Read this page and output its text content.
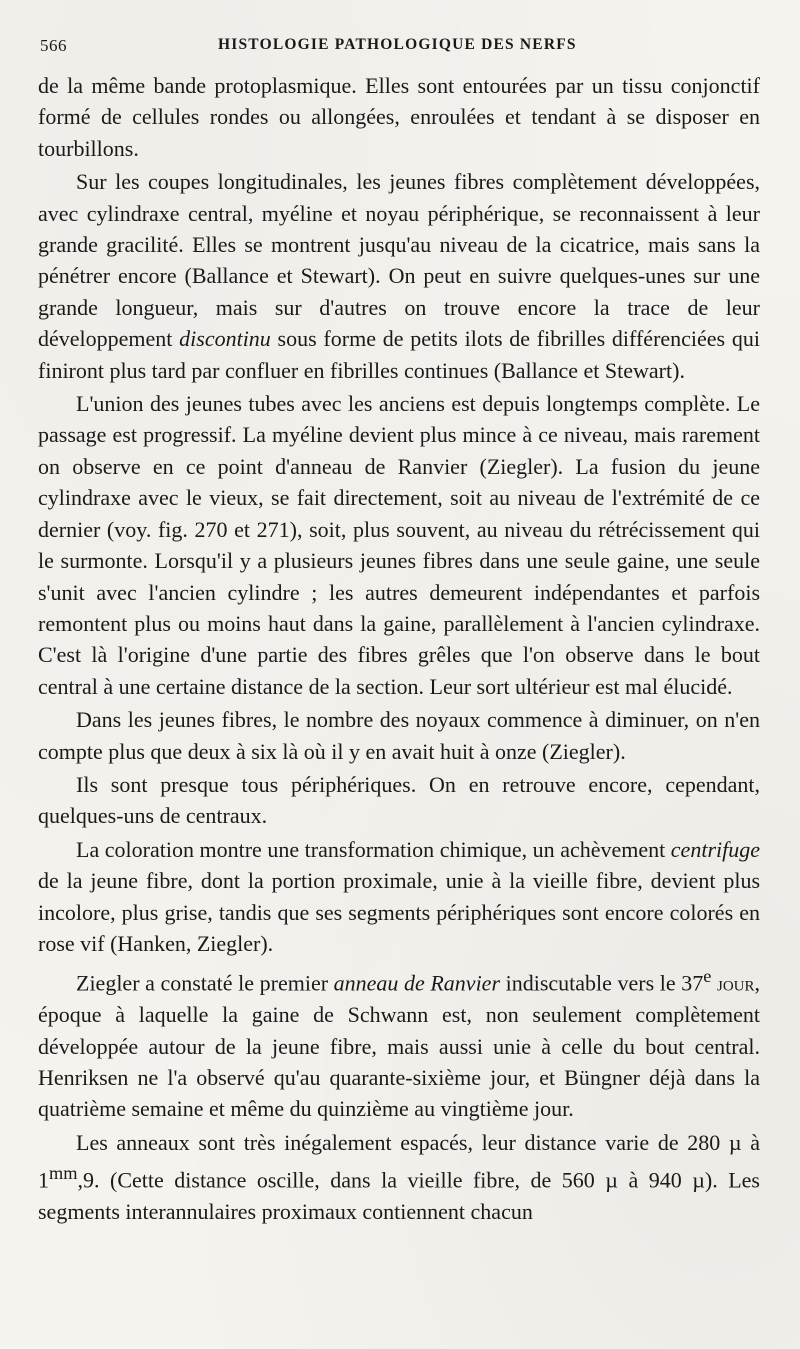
566	HISTOLOGIE PATHOLOGIQUE DES NERFS

de la même bande protoplasmique. Elles sont entourées par un tissu conjonctif formé de cellules rondes ou allongées, enroulées et tendant à se disposer en tourbillons.

Sur les coupes longitudinales, les jeunes fibres complètement développées, avec cylindraxe central, myéline et noyau périphérique, se reconnaissent à leur grande gracilité. Elles se montrent jusqu'au niveau de la cicatrice, mais sans la pénétrer encore (Ballance et Stewart). On peut en suivre quelques-unes sur une grande longueur, mais sur d'autres on trouve encore la trace de leur développement discontinu sous forme de petits ilots de fibrilles différenciées qui finiront plus tard par confluer en fibrilles continues (Ballance et Stewart).

L'union des jeunes tubes avec les anciens est depuis longtemps complète. Le passage est progressif. La myéline devient plus mince à ce niveau, mais rarement on observe en ce point d'anneau de Ranvier (Ziegler). La fusion du jeune cylindraxe avec le vieux, se fait directement, soit au niveau de l'extrémité de ce dernier (voy. fig. 270 et 271), soit, plus souvent, au niveau du rétrécissement qui le surmonte. Lorsqu'il y a plusieurs jeunes fibres dans une seule gaine, une seule s'unit avec l'ancien cylindre ; les autres demeurent indépendantes et parfois remontent plus ou moins haut dans la gaine, parallèlement à l'ancien cylindraxe. C'est là l'origine d'une partie des fibres grêles que l'on observe dans le bout central à une certaine distance de la section. Leur sort ultérieur est mal élucidé.

Dans les jeunes fibres, le nombre des noyaux commence à diminuer, on n'en compte plus que deux à six là où il y en avait huit à onze (Ziegler).

Ils sont presque tous périphériques. On en retrouve encore, cependant, quelques-uns de centraux.

La coloration montre une transformation chimique, un achèvement centrifuge de la jeune fibre, dont la portion proximale, unie à la vieille fibre, devient plus incolore, plus grise, tandis que ses segments périphériques sont encore colorés en rose vif (Hanken, Ziegler).

Ziegler a constaté le premier anneau de Ranvier indiscutable vers le 37e jour, époque à laquelle la gaine de Schwann est, non seulement complètement développée autour de la jeune fibre, mais aussi unie à celle du bout central. Henriksen ne l'a observé qu'au quarante-sixième jour, et Büngner déjà dans la quatrième semaine et même du quinzième au vingtième jour.

Les anneaux sont très inégalement espacés, leur distance varie de 280 µ à $1^{mm},9$. (Cette distance oscille, dans la vieille fibre, de 560 µ à 940 µ). Les segments interannulaires proximaux contiennent chacun
